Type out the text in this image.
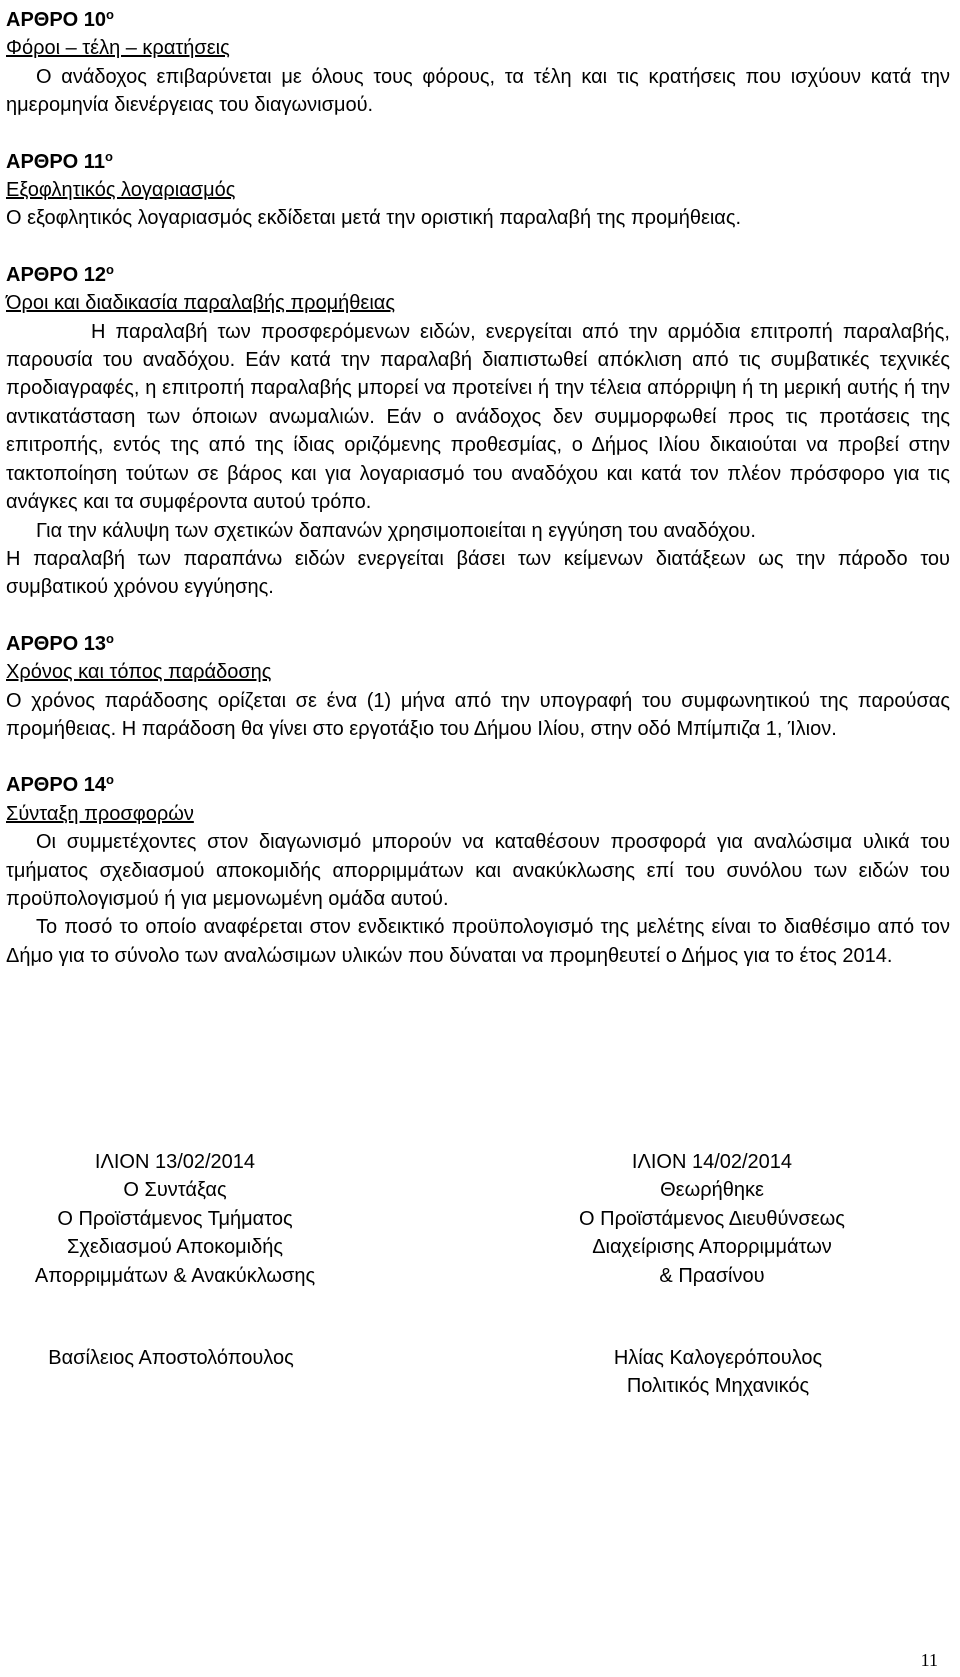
ΑΡΘΡΟ $10^o$
Φόροι – τέλη – κρατήσεις

Ο ανάδοχος επιβαρύνεται με όλους τους φόρους, τα τέλη και τις κρατήσεις που ισχύουν κατά την ημερομηνία διενέργειας του διαγωνισμού.

ΑΡΘΡΟ $11^o$
Εξοφλητικός λογαριασμός

Ο εξοφλητικός λογαριασμός εκδίδεται μετά την οριστική παραλαβή της προμήθειας.

ΑΡΘΡΟ $12^o$
Όροι και διαδικασία παραλαβής προμήθειας

Η παραλαβή των προσφερόμενων ειδών, ενεργείται από την αρμόδια επιτροπή παραλαβής, παρουσία του αναδόχου. Εάν κατά την παραλαβή διαπιστωθεί απόκλιση από τις συμβατικές τεχνικές προδιαγραφές, η επιτροπή παραλαβής μπορεί να προτείνει ή την τέλεια απόρριψη ή τη μερική αυτής ή την αντικατάσταση των όποιων ανωμαλιών. Εάν ο ανάδοχος δεν συμμορφωθεί προς τις προτάσεις της επιτροπής, εντός της από της ίδιας οριζόμενης προθεσμίας, ο Δήμος Ιλίου δικαιούται να προβεί στην τακτοποίηση τούτων σε βάρος και για λογαριασμό του αναδόχου και κατά τον πλέον πρόσφορο για τις ανάγκες και τα συμφέροντα αυτού τρόπο.

Για την κάλυψη των σχετικών δαπανών χρησιμοποιείται η εγγύηση του αναδόχου.

Η παραλαβή των παραπάνω ειδών ενεργείται βάσει των κείμενων διατάξεων ως την πάροδο του συμβατικού χρόνου εγγύησης.

ΑΡΘΡΟ $13^o$
Χρόνος και τόπος παράδοσης

Ο χρόνος παράδοσης ορίζεται σε ένα (1) μήνα από την υπογραφή του συμφωνητικού της παρούσας προμήθειας. Η παράδοση θα γίνει στο εργοτάξιο του Δήμου Ιλίου, στην οδό Μπίμπιζα 1, Ίλιον.

ΑΡΘΡΟ $14^o$
Σύνταξη προσφορών

Οι συμμετέχοντες στον διαγωνισμό μπορούν να καταθέσουν προσφορά για αναλώσιμα υλικά του τμήματος σχεδιασμού αποκομιδής απορριμμάτων και ανακύκλωσης επί του συνόλου των ειδών του προϋπολογισμού ή για μεμονωμένη ομάδα αυτού.

Το ποσό το οποίο αναφέρεται στον ενδεικτικό προϋπολογισμό της μελέτης είναι το διαθέσιμο από τον Δήμο για το σύνολο των αναλώσιμων υλικών που δύναται να προμηθευτεί ο Δήμος για το έτος 2014.

ΙΛΙΟΝ 13/02/2014
Ο Συντάξας
Ο Προϊστάμενος Τμήματος
Σχεδιασμού Αποκομιδής
Απορριμμάτων & Ανακύκλωσης
ΙΛΙΟΝ 14/02/2014
Θεωρήθηκε
Ο Προϊστάμενος Διευθύνσεως
Διαχείρισης Απορριμμάτων
& Πρασίνου
Βασίλειος Αποστολόπουλος	Ηλίας Καλογερόπουλος
Πολιτικός Μηχανικός
11
